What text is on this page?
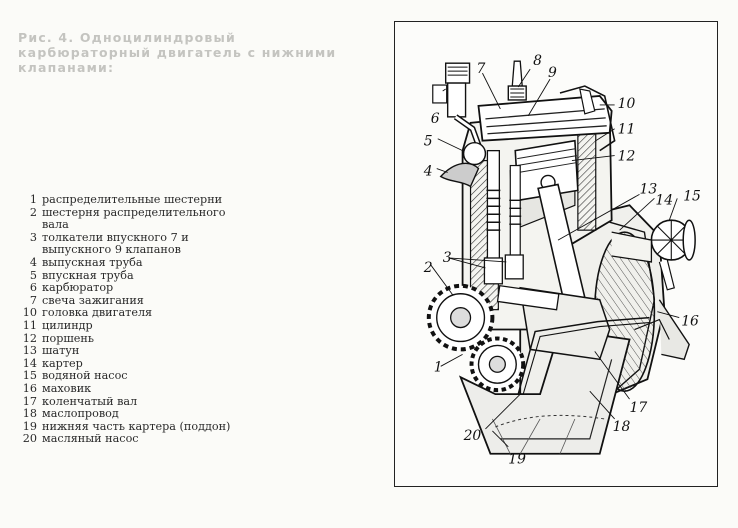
Рис. 4. Одноцилиндровый карбюраторный двигатель с нижними клапанами:
1 распределительные шестерни
2 шестерня распределительного вала
3 толкатели впускного 7 и выпускного 9 клапанов
4 выпускная труба
5 впускная труба
6 карбюратор
7 свеча зажигания
10 головка двигателя
11 цилиндр
12 поршень
13 шатун
14 картер
15 водяной насос
16 маховик
17 коленчатый вал
18 маслопровод
19 нижняя часть картера (поддон)
20 масляный насос
1
2
3
4
5
6
7	8
9
10
11
12
13
14 15
16
17
18
19
20
